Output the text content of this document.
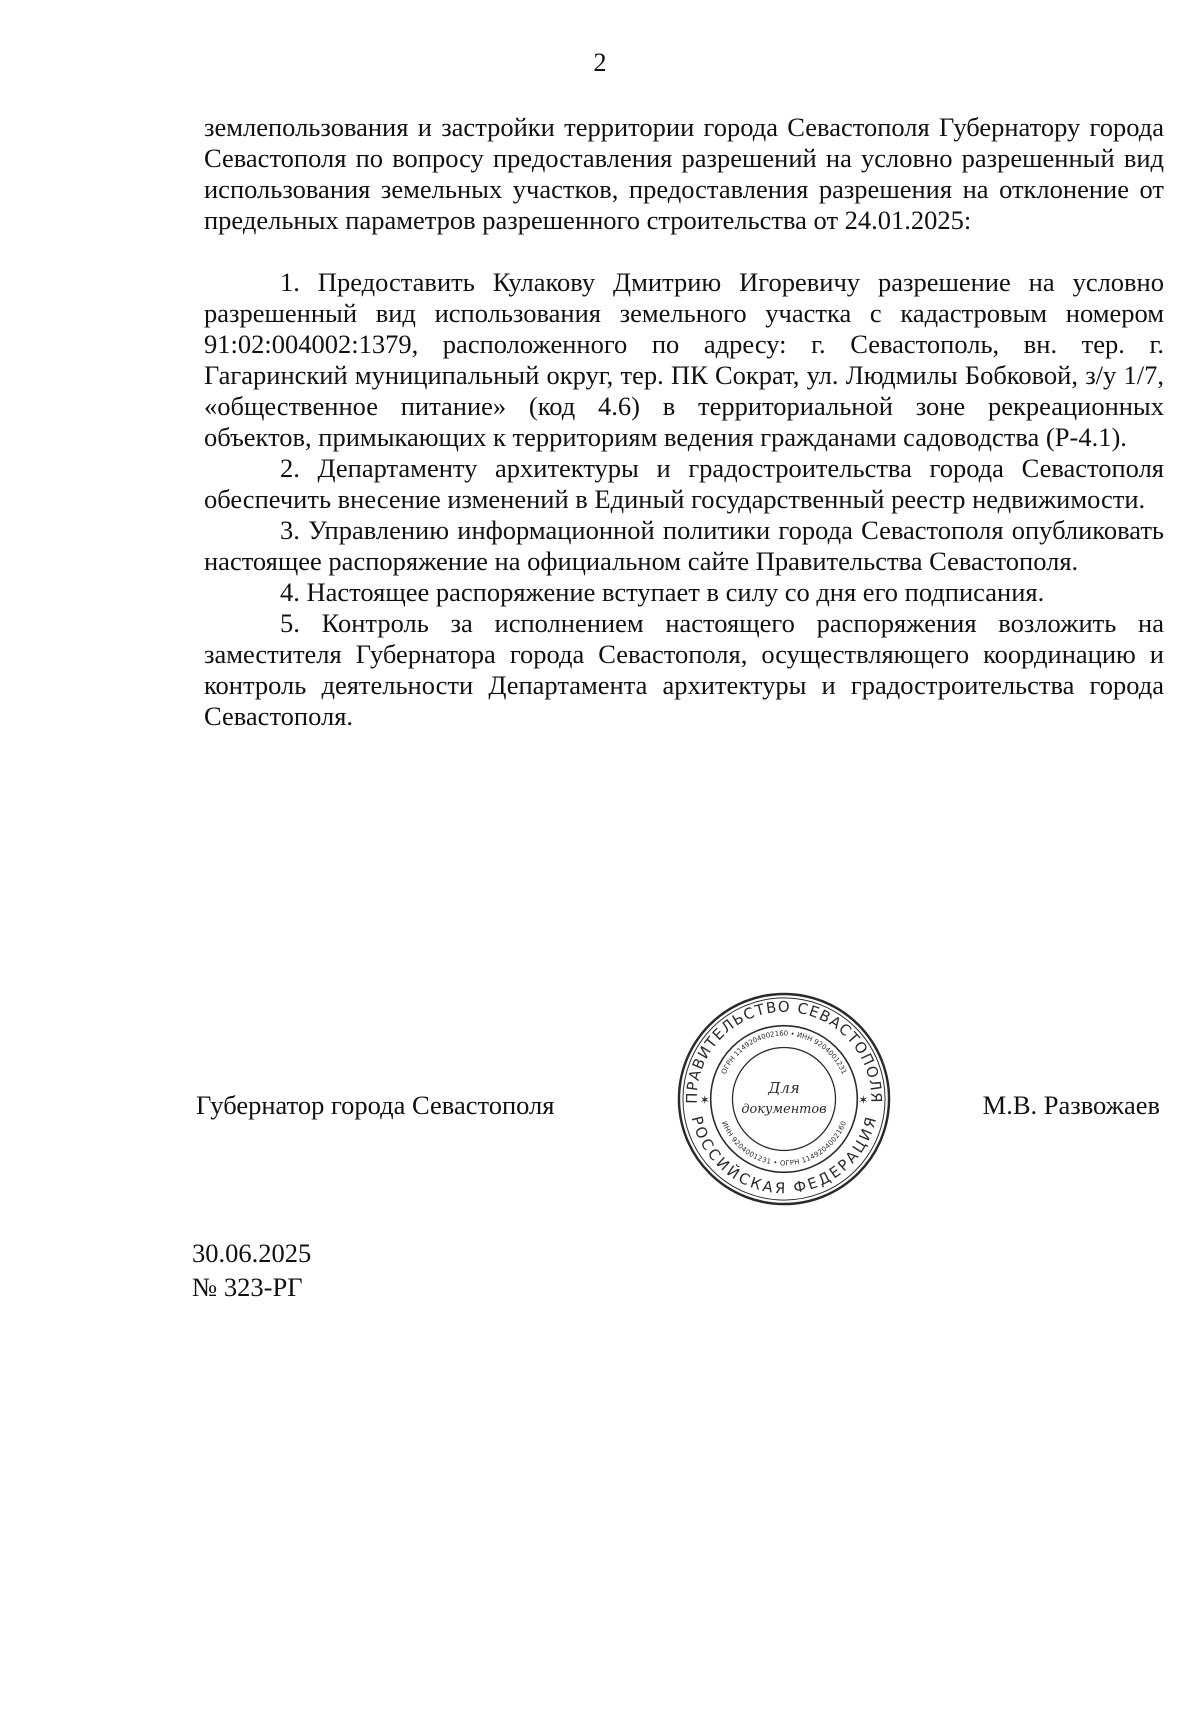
2

землепользования и застройки территории города Севастополя Губернатору города Севастополя по вопросу предоставления разрешений на условно разрешенный вид использования земельных участков, предоставления разрешения на отклонение от предельных параметров разрешенного строительства от 24.01.2025:

1. Предоставить Кулакову Дмитрию Игоревичу разрешение на условно разрешенный вид использования земельного участка с кадастровым номером 91:02:004002:1379, расположенного по адресу: г. Севастополь, вн. тер. г. Гагаринский муниципальный округ, тер. ПК Сократ, ул. Людмилы Бобковой, з/у 1/7, «общественное питание» (код 4.6) в территориальной зоне рекреационных объектов, примыкающих к территориям ведения гражданами садоводства (Р-4.1).

2. Департаменту архитектуры и градостроительства города Севастополя обеспечить внесение изменений в Единый государственный реестр недвижимости.

3. Управлению информационной политики города Севастополя опубликовать настоящее распоряжение на официальном сайте Правительства Севастополя.

4. Настоящее распоряжение вступает в силу со дня его подписания.

5. Контроль за исполнением настоящего распоряжения возложить на заместителя Губернатора города Севастополя, осуществляющего координацию и контроль деятельности Департамента архитектуры и градостроительства города Севастополя.

Губернатор города Севастополя	М.В. Развожаев
ПРАВИТЕЛЬСТВО СЕВАСТОПОЛЯ
РОССИЙСКАЯ ФЕДЕРАЦИЯ
ОГРН 1149204002160 • ИНН 9204001231
ИНН 9204001231 • ОГРН 1149204002160
✶	✶
Для
документов
30.06.2025
№ 323-РГ
